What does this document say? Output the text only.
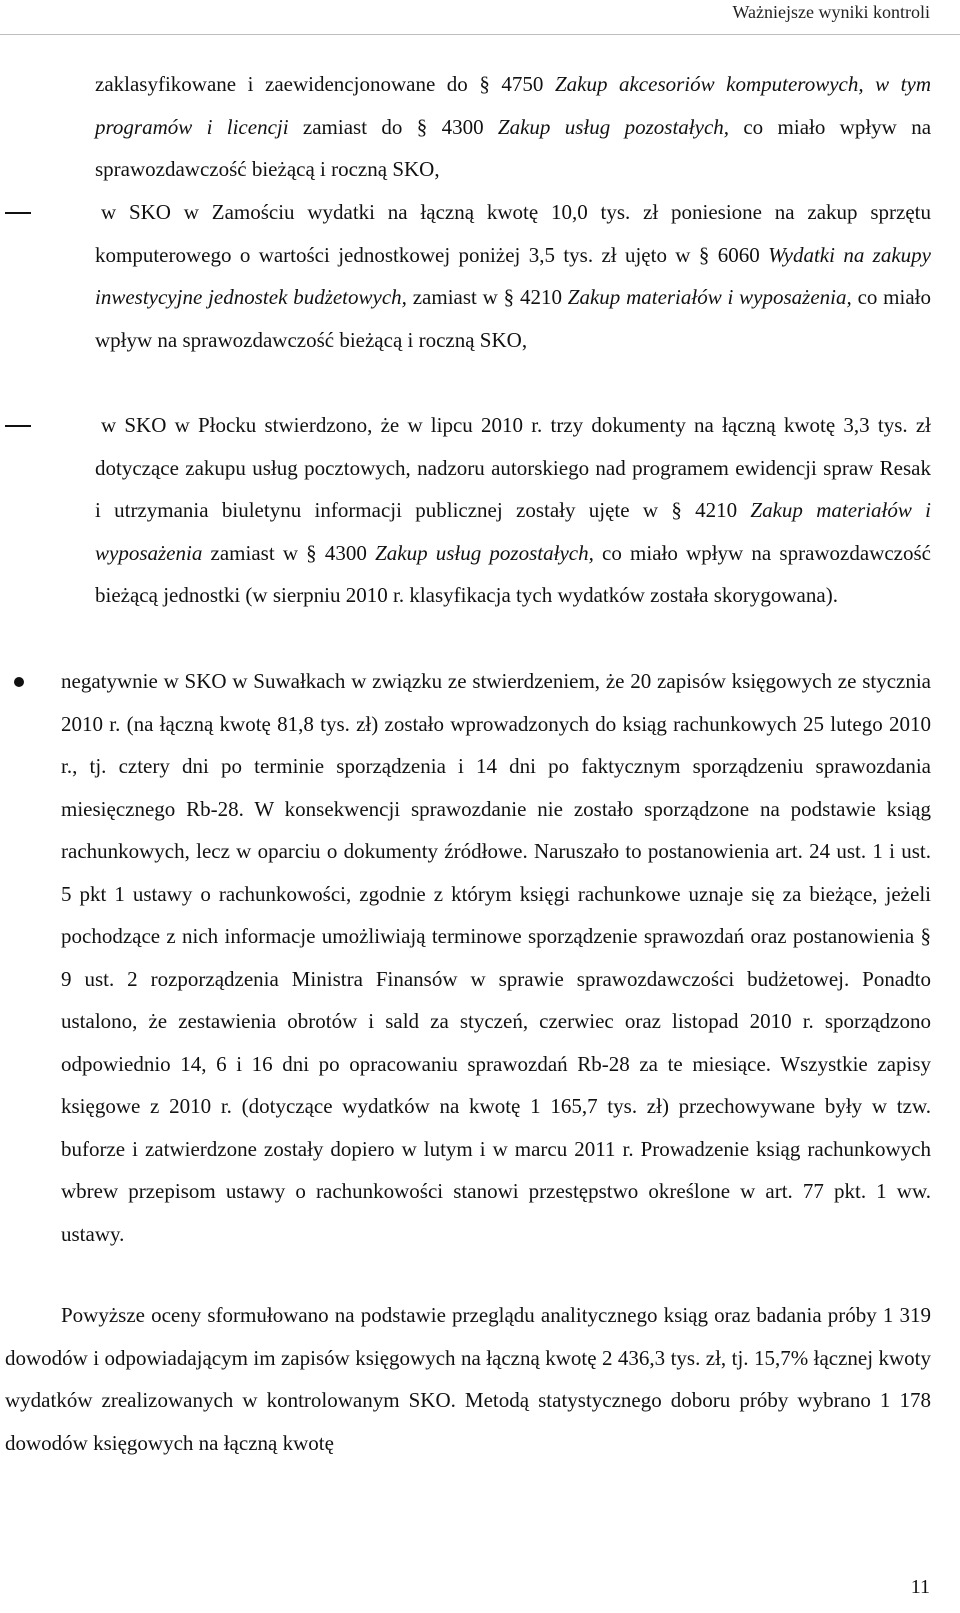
Ważniejsze wyniki kontroli

zaklasyfikowane i zaewidencjonowane do § 4750 Zakup akcesoriów komputerowych, w tym programów i licencji zamiast do § 4300 Zakup usług pozostałych, co miało wpływ na sprawozdawczość bieżącą i roczną SKO,

w SKO w Zamościu wydatki na łączną kwotę 10,0 tys. zł poniesione na zakup sprzętu komputerowego o wartości jednostkowej poniżej 3,5 tys. zł ujęto w § 6060 Wydatki na zakupy inwestycyjne jednostek budżetowych, zamiast w § 4210 Zakup materiałów i wyposażenia, co miało wpływ na sprawozdawczość bieżącą i roczną SKO,

w SKO w Płocku stwierdzono, że w lipcu 2010 r. trzy dokumenty na łączną kwotę 3,3 tys. zł dotyczące zakupu usług pocztowych, nadzoru autorskiego nad programem ewidencji spraw Resak i utrzymania biuletynu informacji publicznej zostały ujęte w § 4210 Zakup materiałów i wyposażenia zamiast w § 4300 Zakup usług pozostałych, co miało wpływ na sprawozdawczość bieżącą jednostki (w sierpniu 2010 r. klasyfikacja tych wydatków została skorygowana).

negatywnie w SKO w Suwałkach w związku ze stwierdzeniem, że 20 zapisów księgowych ze stycznia 2010 r. (na łączną kwotę 81,8 tys. zł) zostało wprowadzonych do ksiąg rachunkowych 25 lutego 2010 r., tj. cztery dni po terminie sporządzenia i 14 dni po faktycznym sporządzeniu sprawozdania miesięcznego Rb-28. W konsekwencji sprawozdanie nie zostało sporządzone na podstawie ksiąg rachunkowych, lecz w oparciu o dokumenty źródłowe. Naruszało to postanowienia art. 24 ust. 1 i ust. 5 pkt 1 ustawy o rachunkowości, zgodnie z którym księgi rachunkowe uznaje się za bieżące, jeżeli pochodzące z nich informacje umożliwiają terminowe sporządzenie sprawozdań oraz postanowienia § 9 ust. 2 rozporządzenia Ministra Finansów w sprawie sprawozdawczości budżetowej. Ponadto ustalono, że zestawienia obrotów i sald za styczeń, czerwiec oraz listopad 2010 r. sporządzono odpowiednio 14, 6 i 16 dni po opracowaniu sprawozdań Rb-28 za te miesiące. Wszystkie zapisy księgowe z 2010 r. (dotyczące wydatków na kwotę 1 165,7 tys. zł) przechowywane były w tzw. buforze i zatwierdzone zostały dopiero w lutym i w marcu 2011 r. Prowadzenie ksiąg rachunkowych wbrew przepisom ustawy o rachunkowości stanowi przestępstwo określone w art. 77 pkt. 1 ww. ustawy.

Powyższe oceny sformułowano na podstawie przeglądu analitycznego ksiąg oraz badania próby 1 319 dowodów i odpowiadającym im zapisów księgowych na łączną kwotę 2 436,3 tys. zł, tj. 15,7% łącznej kwoty wydatków zrealizowanych w kontrolowanym SKO. Metodą statystycznego doboru próby wybrano 1 178 dowodów księgowych na łączną kwotę

11
